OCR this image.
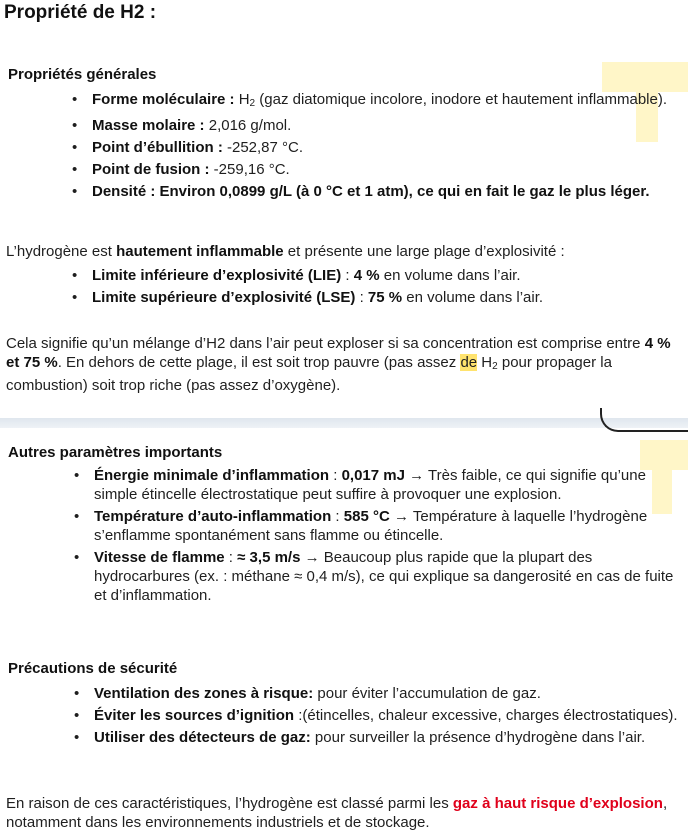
Propriété de H2 :
Propriétés générales
• Forme moléculaire : $H_2$ (gaz diatomique incolore, inodore et hautement inflammable).
• Masse molaire : 2,016 g/mol.
• Point d’ébullition : -252,87 °C.
• Point de fusion : -259,16 °C.
• Densité : Environ 0,0899 g/L (à 0 °C et 1 atm), ce qui en fait le gaz le plus léger.
L’hydrogène est hautement inflammable et présente une large plage d’explosivité :
• Limite inférieure d’explosivité (LIE) : 4 % en volume dans l’air.
• Limite supérieure d’explosivité (LSE) : 75 % en volume dans l’air.
Cela signifie qu’un mélange d’H2 dans l’air peut exploser si sa concentration est comprise entre 4 % et 75 %. En dehors de cette plage, il est soit trop pauvre (pas assez de $H_2$ pour propager la combustion) soit trop riche (pas assez d’oxygène).
Autres paramètres importants
• Énergie minimale d’inflammation : 0,017 mJ → Très faible, ce qui signifie qu’une simple étincelle électrostatique peut suffire à provoquer une explosion.
• Température d’auto-inflammation : 585 °C → Température à laquelle l’hydrogène s’enflamme spontanément sans flamme ou étincelle.
• Vitesse de flamme : ≈ 3,5 m/s → Beaucoup plus rapide que la plupart des hydrocarbures (ex. : méthane ≈ 0,4 m/s), ce qui explique sa dangerosité en cas de fuite et d’inflammation.
Précautions de sécurité
• Ventilation des zones à risque: pour éviter l’accumulation de gaz.
• Éviter les sources d’ignition :(étincelles, chaleur excessive, charges électrostatiques).
• Utiliser des détecteurs de gaz: pour surveiller la présence d’hydrogène dans l’air.
En raison de ces caractéristiques, l’hydrogène est classé parmi les gaz à haut risque d’explosion, notamment dans les environnements industriels et de stockage.
